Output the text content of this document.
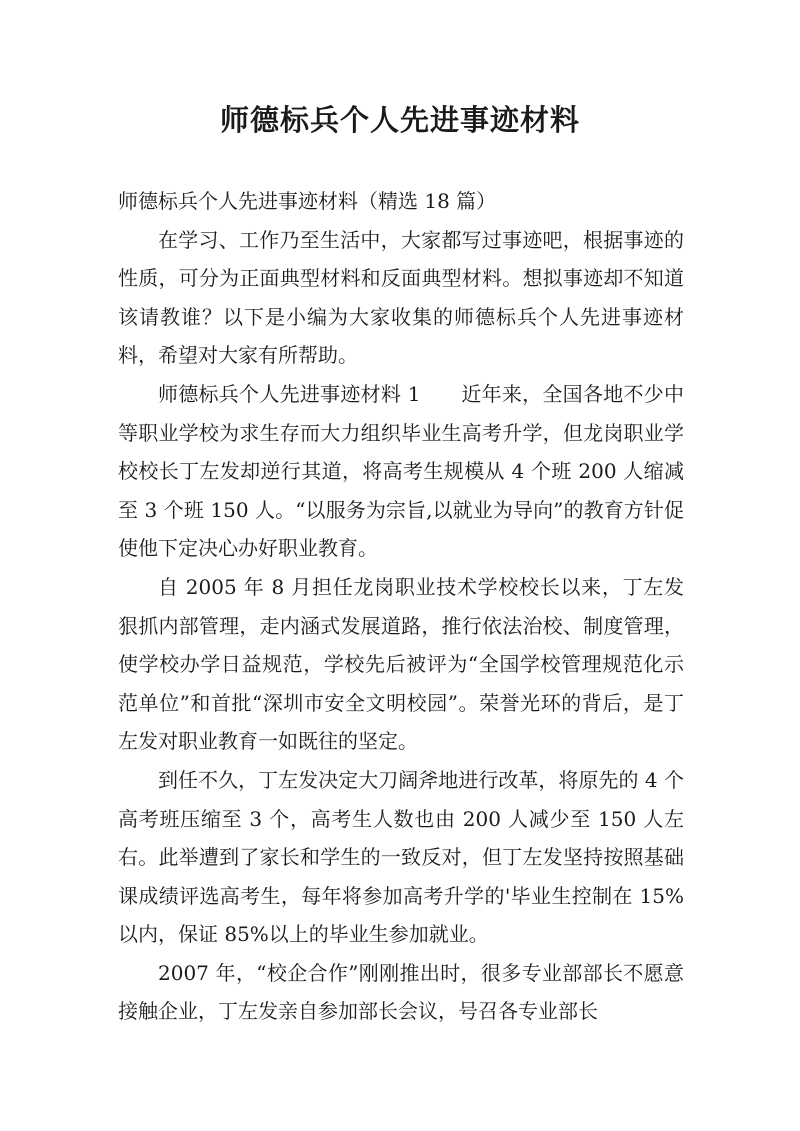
师德标兵个人先进事迹材料

师德标兵个人先进事迹材料（精选 18 篇）

在学习、工作乃至生活中，大家都写过事迹吧，根据事迹的性质，可分为正面典型材料和反面典型材料。想拟事迹却不知道该请教谁？以下是小编为大家收集的师德标兵个人先进事迹材料，希望对大家有所帮助。

师德标兵个人先进事迹材料 1　　近年来，全国各地不少中等职业学校为求生存而大力组织毕业生高考升学，但龙岗职业学校校长丁左发却逆行其道，将高考生规模从 4 个班 200 人缩减至 3 个班 150 人。“以服务为宗旨,以就业为导向”的教育方针促使他下定决心办好职业教育。

自 2005 年 8 月担任龙岗职业技术学校校长以来，丁左发狠抓内部管理，走内涵式发展道路，推行依法治校、制度管理，使学校办学日益规范，学校先后被评为“全国学校管理规范化示范单位”和首批“深圳市安全文明校园”。荣誉光环的背后，是丁左发对职业教育一如既往的坚定。

到任不久，丁左发决定大刀阔斧地进行改革，将原先的 4 个高考班压缩至 3 个，高考生人数也由 200 人减少至 150 人左右。此举遭到了家长和学生的一致反对，但丁左发坚持按照基础课成绩评选高考生，每年将参加高考升学的'毕业生控制在 15%以内，保证 85%以上的毕业生参加就业。

2007 年，“校企合作”刚刚推出时，很多专业部部长不愿意接触企业，丁左发亲自参加部长会议，号召各专业部长
